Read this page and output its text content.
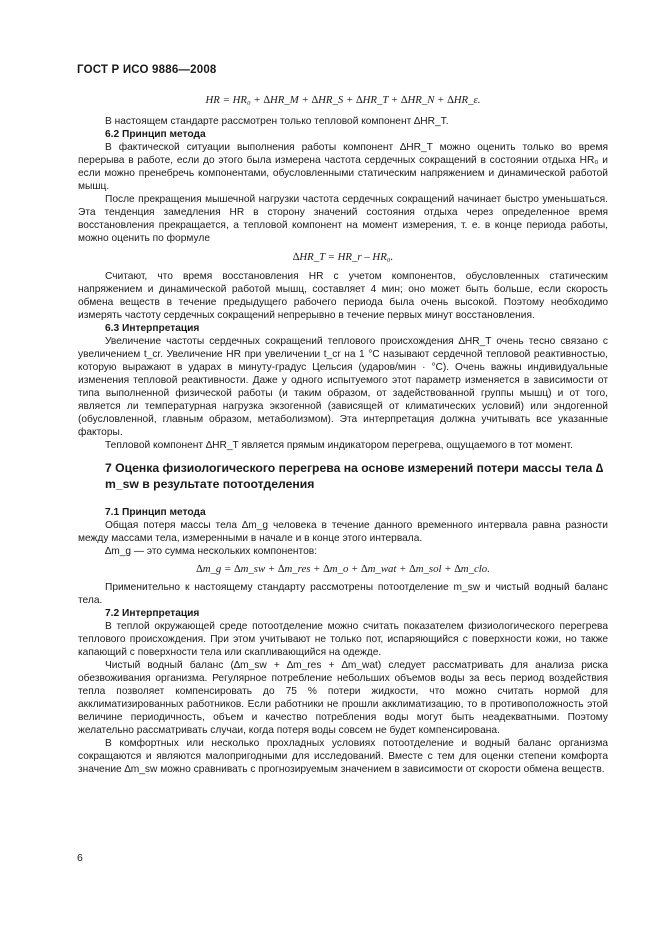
ГОСТ Р ИСО 9886—2008

HR = HR₀ + ∆HR_M + ∆HR_S + ∆HR_T + ∆HR_N + ∆HR_ε.

В настоящем стандарте рассмотрен только тепловой компонент ∆HR_T.

6.2 Принцип метода

В фактической ситуации выполнения работы компонент ∆HR_T можно оценить только во время перерыва в работе, если до этого была измерена частота сердечных сокращений в состоянии отдыха HR₀ и если можно пренебречь компонентами, обусловленными статическим напряжением и динамической работой мышц.

После прекращения мышечной нагрузки частота сердечных сокращений начинает быстро уменьшаться. Эта тенденция замедления HR в сторону значений состояния отдыха через определенное время восстановления прекращается, а тепловой компонент на момент измерения, т. е. в конце периода работы, можно оценить по формуле

∆HR_T = HR_r – HR₀.

Считают, что время восстановления HR с учетом компонентов, обусловленных статическим напряжением и динамической работой мышц, составляет 4 мин; оно может быть больше, если скорость обмена веществ в течение предыдущего рабочего периода была очень высокой. Поэтому необходимо измерять частоту сердечных сокращений непрерывно в течение первых минут восстановления.

6.3 Интерпретация

Увеличение частоты сердечных сокращений теплового происхождения ∆HR_T очень тесно связано с увеличением t_cr. Увеличение HR при увеличении t_cr на 1 °С называют сердечной тепловой реактивностью, которую выражают в ударах в минуту-градус Цельсия (ударов/мин · °С). Очень важны индивидуальные изменения тепловой реактивности. Даже у одного испытуемого этот параметр изменяется в зависимости от типа выполненной физической работы (и таким образом, от задействованной группы мышц) и от того, является ли температурная нагрузка экзогенной (зависящей от климатических условий) или эндогенной (обусловленной, главным образом, метаболизмом). Эта интерпретация должна учитывать все указанные факторы.

Тепловой компонент ∆HR_T является прямым индикатором перегрева, ощущаемого в тот момент.

7 Оценка физиологического перегрева на основе измерений потери массы тела ∆ m_sw в результате потоотделения

7.1 Принцип метода

Общая потеря массы тела ∆m_g человека в течение данного временного интервала равна разности между массами тела, измеренными в начале и в конце этого интервала.

∆m_g — это сумма нескольких компонентов:

∆m_g = ∆m_sw + ∆m_res + ∆m_o + ∆m_wat + ∆m_sol + ∆m_clo.

Применительно к настоящему стандарту рассмотрены потоотделение m_sw и чистый водный баланс тела.

7.2 Интерпретация

В теплой окружающей среде потоотделение можно считать показателем физиологического перегрева теплового происхождения. При этом учитывают не только пот, испаряющийся с поверхности кожи, но также капающий с поверхности тела или скапливающийся на одежде.

Чистый водный баланс (∆m_sw + ∆m_res + ∆m_wat) следует рассматривать для анализа риска обезвоживания организма. Регулярное потребление небольших объемов воды за весь период воздействия тепла позволяет компенсировать до 75 % потери жидкости, что можно считать нормой для акклиматизированных работников. Если работники не прошли акклиматизацию, то в противоположность этой величине периодичность, объем и качество потребления воды могут быть неадекватными. Поэтому желательно рассматривать случаи, когда потеря воды совсем не будет компенсирована.

В комфортных или несколько прохладных условиях потоотделение и водный баланс организма сокращаются и являются малопригодными для исследований. Вместе с тем для оценки степени комфорта значение ∆m_sw можно сравнивать с прогнозируемым значением в зависимости от скорости обмена веществ.

6
